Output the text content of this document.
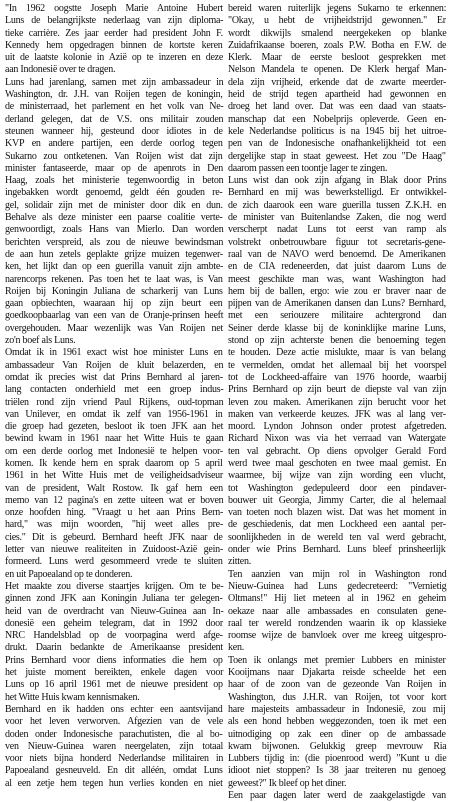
"In 1962 oogstte Joseph Marie Antoine Hubert
Luns de belangrijkste nederlaag van zijn diploma-
tieke carrière. Zes jaar eerder had president John F.
Kennedy hem opgedragen binnen de kortste keren
uit de laatste kolonie in Azië op te inzeren en deze
aan Indonesië over te dragen.
Luns had jarenlang, samen met zijn ambassadeur in
Washington, dr. J.H. van Roijen tegen de koningin,
de ministerraad, het parlement en het volk van Ne-
derland gelegen, dat de V.S. ons militair zouden
steunen wanneer hij, gesteund door idiotes in de
KVP en andere partijen, een derde oorlog tegen
Sukarno zou ontketenen. Van Roijen wist dat zijn
minister fantaseerde, maar op de apenrots in Den
Haag, zoals het ministerie tegenwoordig in beton
ingebakken wordt genoemd, geldt één gouden re-
gel, solidair zijn met de minister door dik en dun.
Behalve als deze minister een paarse coalitie verte-
genwoordigt, zoals Hans van Mierlo. Dan worden
berichten verspreid, als zou de nieuwe bewindsman
de aan hun zetels geplakte grijze muizen tegenwer-
ken, het lijkt dan op een guerilla vanuit zijn ambte-
narencorps rekenen. Pas toen het te laat was, is Van
Roijen bij Koningin Juliana de scharkerij van Luns
gaan opbiechten, waaraan hij op zijn beurt een
goedkoopbaarlag van een van de Oranje-prinsen heeft
overgehouden. Maar wezenlijk was Van Roijen net
zo'n boef als Luns.
Omdat ik in 1961 exact wist hoe minister Luns en
ambassadeur Van Roijen de kluit belazerden, en
omdat ik precies wist dat Prins Bernhard al jaren-
lang contacten onderhield met een groep indus-
triëlen rond zijn vriend Paul Rijkens, oud-topman
van Unilever, en omdat ik zelf van 1956-1961 in
die groep had gezeten, besloot ik toen JFK aan het
bewind kwam in 1961 naar het Witte Huis te gaan
om een derde oorlog met Indonesië te helpen voor-
komen. Ik kende hem en sprak daarom op 5 april
1961 in het Witte Huis met de veiligheidsadviseur
van de president, Walt Rostow. Ik gaf hem een
memo van 12 pagina's en zette uiteen wat er boven
onze hoofden hing. "Vraagt u het aan Prins Bern-
hard," was mijn woorden, "hij weet alles pre-
cies." Dit is gebeurd. Bernhard heeft JFK naar de
letter van nieuwe realiteiten in Zuidoost-Azië gein-
formeerd. Luns werd gesommeerd vrede te sluiten
en uit Papoealand op te donderen.
Het maakte zou diverse staartjes krijgen. Om te be-
ginnen zond JFK aan Koningin Juliana ter gelegen-
heid van de overdracht van Nieuw-Guinea aan In-
donesië een geheim telegram, dat in 1992 door
NRC Handelsblad op de voorpagina werd afge-
drukt. Daarin bedankte de Amerikaanse president
Prins Bernhard voor diens informaties die hem op
het juiste moment bereikten, enkele dagen voor
Luns op 16 april 1961 met de nieuwe president op
het Witte Huis kwam kennismaken.
Bernhard en ik hadden ons echter een aantsvijand
voor het leven verworven. Afgezien van de vele
doden onder Indonesische parachutisten, die al bo-
ven Nieuw-Guinea waren neergelaten, zijn totaal
voor niets bijna honderd Nederlandse militairen in
Papoealand gesneuveld. En dit alléén, omdat Luns
al een zetje hem tegen hun verlies konden en niet
bereid waren ruiterlijk jegens Sukarno te erkennen:
"Okay, u hebt de vrijheidstrijd gewonnen." Er
wordt dikwijls smalend neergekeken op blanke
Zuidafrikaanse boeren, zoals P.W. Botha en F.W. de
Klerk. Maar de eerste besloot gesprekken met
Nelson Mandela te openen. De Klerk hergaf Man-
dela zijn vrijheid, erkende dat de zwarte meerder-
heid de strijd tegen apartheid had gewonnen en
droeg het land over. Dat was een daad van staats-
manschap dat een Nobelprijs opleverde. Geen en-
kele Nederlandse politicus is na 1945 bij het uitroe-
pen van de Indonesische onafhankelijkheid tot een
dergelijke stap in staat geweest. Het zou "De Haag"
daarom passen een toontje lager te zingen.
Luns wist dan ook zijn afgang in Blak door Prins
Bernhard en mij was bewerkstelligd. Er ontwikkel-
de zich daarook een ware guerilla tussen Z.K.H. en
de minister van Buitenlandse Zaken, die nog werd
verscherpt nadat Luns tot eerst van ramp als
volstrekt onbetrouwbare figuur tot secretaris-gene-
raal van de NAVO werd benoemd. De Amerikanen
en de CIA redeneerden, dat juist daarom Luns de
meest geschikte man was, want Washington had
hem bij de ballen, ergo: wie zou er braver naar de
pijpen van de Amerikanen dansen dan Luns? Bernhard,
met een seriouzere militaire achtergrond dan
Seiner derde klasse bij de koninklijke marine Luns,
stond op zijn achterste benen die benoeming tegen
te houden. Deze actie mislukte, maar is van belang
te vermelden, omdat het allemaal bij het voorspel
tot de Lockheed-affaire van 1976 hoorde, waarbij
Prins Bernhard op zijn beurt de diepste val van zijn
leven zou maken. Amerikanen zijn berucht voor het
maken van verkeerde keuzes. JFK was al lang ver-
moord. Lyndon Johnson onder protest afgetreden.
Richard Nixon was via het verraad van Watergate
ten val gebracht. Op diens opvolger Gerald Ford
werd twee maal geschoten en twee maal gemist. En
waarmee, bij wijze van zijn wording een vlucht,
tot Washington gedepuleerd door een pindaver-
bouwer uit Georgia, Jimmy Carter, die al helemaal
van toeten noch blazen wist. Dat was het moment in
de geschiedenis, dat men Lockheed een aantal per-
soonlijkheden in de wereld ten val werd gebracht,
onder wie Prins Bernhard. Luns bleef prinsheerlijk
zitten.
Ten aanzien van mijn rol in Washington rond
Nieuw-Guinea had Luns gedecreteerd: "Vernietig
Oltmans!" Hij liet meteen al in 1962 en geheim
oekaze naar alle ambassades en consulaten gene-
raal ter wereld rondzenden waarin ik op klassieke
roomse wijze de banvloek over me kreeg uitgespro-
ken.
Toen ik onlangs met premier Lubbers en minister
Kooijmans naar Djakarta reisde scheelde het een
haar of de zoon van de gezeonde Van Roijen in
Washington, dus J.H.R. van Roijen, tot voor kort
hare majesteits ambassadeur in Indonesië, zou mij
als een hond hebben weggezonden, toen ik met een
uitnodiging op zak een diner op de ambassade
kwam bijwonen. Gelukkig greep mevrouw Ria
Lubbers tijdig in: (die pioenrood werd) "Kunt u die
idioot niet stoppen? Is 38 jaar treiteren nu genoeg
geweest?" Ik bleef op het diner.
Een paar dagen later werd de zaakgelastigde van
